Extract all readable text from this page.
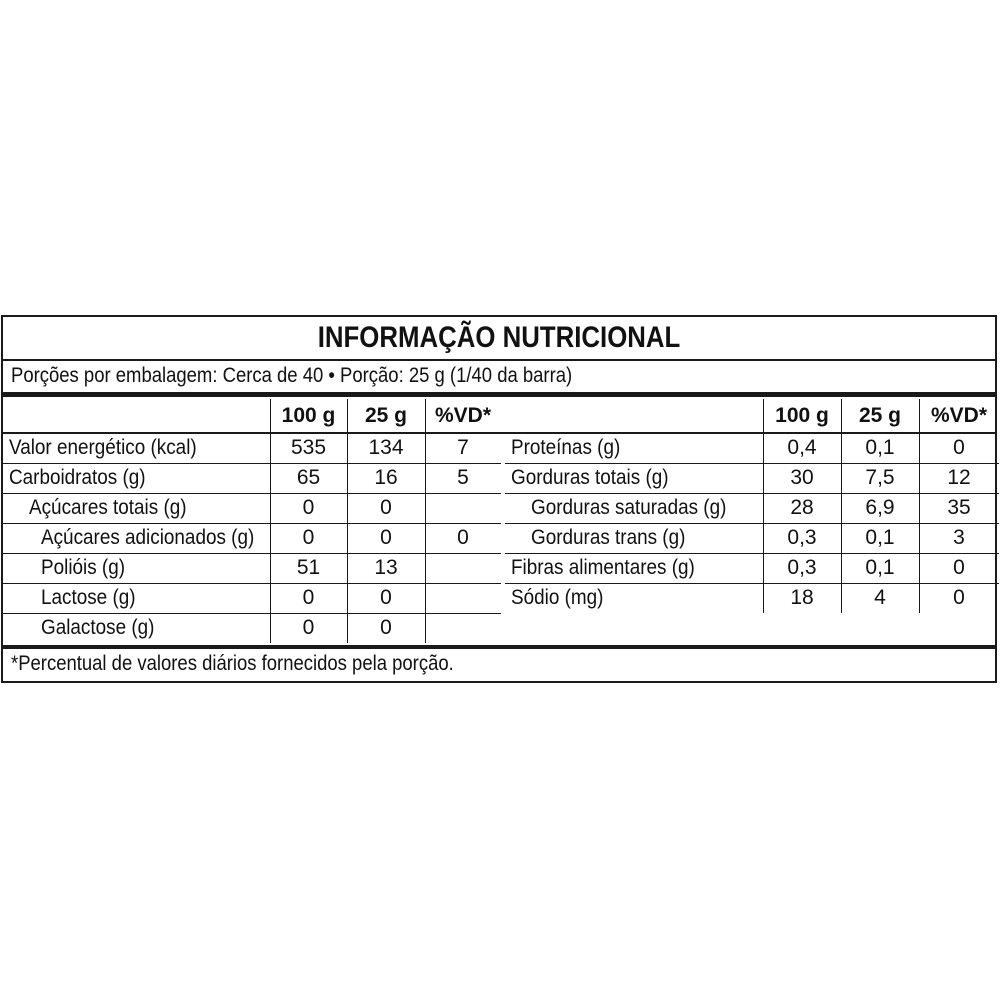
INFORMAÇÃO NUTRICIONAL
Porções por embalagem: Cerca de 40 • Porção: 25 g (1/40 da barra)
100 g	25 g	%VD*
Valor energético (kcal)	535	134	7
Carboidratos (g)	65	16	5
Açúcares totais (g)	0	0
Açúcares adicionados (g)	0	0	0
Polióis (g)	51	13
Lactose (g)	0	0
Galactose (g)	0	0
100 g	25 g	%VD*
Proteínas (g)	0,4	0,1	0
Gorduras totais (g)	30	7,5	12
Gorduras saturadas (g)	28	6,9	35
Gorduras trans (g)	0,3	0,1	3
Fibras alimentares (g)	0,3	0,1	0
Sódio (mg)	18	4	0
*Percentual de valores diários fornecidos pela porção.
